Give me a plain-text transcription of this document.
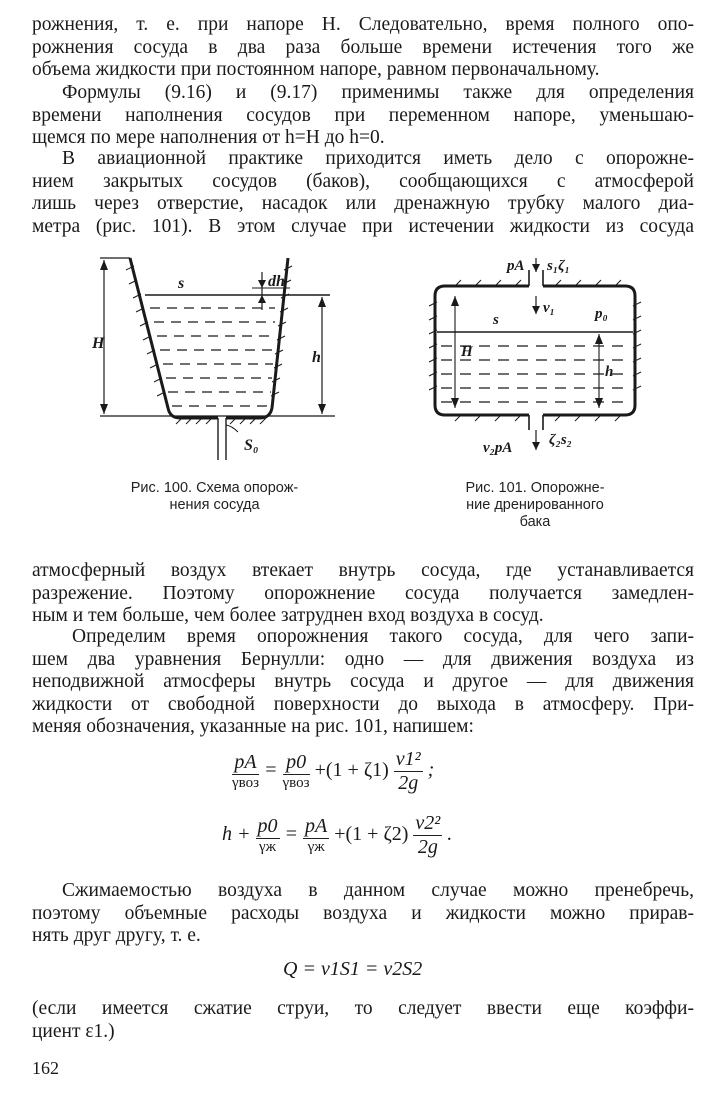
рожнения, т. е. при напоре H. Следовательно, время полного опо-
рожнения сосуда в два раза больше времени истечения того же
объема жидкости при постоянном напоре, равном первоначальному.

Формулы (9.16) и (9.17) применимы также для определения
времени наполнения сосудов при переменном напоре, уменьшаю-
щемся по мере наполнения от h=H до h=0.

В авиационной практике приходится иметь дело с опорожне-
нием закрытых сосудов (баков), сообщающихся с атмосферой
лишь через отверстие, насадок или дренажную трубку малого диа-
метра (рис. 101). В этом случае при истечении жидкости из сосуда

s	dh
H
h
S₀
Рис. 100. Схема опорож-
нения сосуда
pA s₁ζ₁
v₁
s	p₀
H
h
v₂pA ζ₂s₂
Рис. 101. Опорожне-
ние дренированного
бака

атмосферный воздух втекает внутрь сосуда, где устанавливается
разрежение. Поэтому опорожнение сосуда получается замедлен-
ным и тем больше, чем более затруднен вход воздуха в сосуд.

Определим время опорожнения такого сосуда, для чего запи-
шем два уравнения Бернулли: одно — для движения воздуха из
неподвижной атмосферы внутрь сосуда и другое — для движения
жидкости от свободной поверхности до выхода в атмосферу. При-
меняя обозначения, указанные на рис. 101, напишем:

$\frac{pA}{\text{γвоз}} = \frac{p0}{\text{γвоз}} +(1 + \zeta 1) \frac{\text{v1²}}{2g}$ ;
$h + \frac{p0}{\gamma ж} = \frac{pA}{\gamma ж} +(1 + \zeta 2) \frac{\text{v2²}}{2g}$ .

Сжимаемостью воздуха в данном случае можно пренебречь,
поэтому объемные расходы воздуха и жидкости можно прирав-
нять друг другу, т. е.

Q = v1S1 = v2S2

(если имеется сжатие струи, то следует ввести еще коэффи-
циент ε1.)

162
